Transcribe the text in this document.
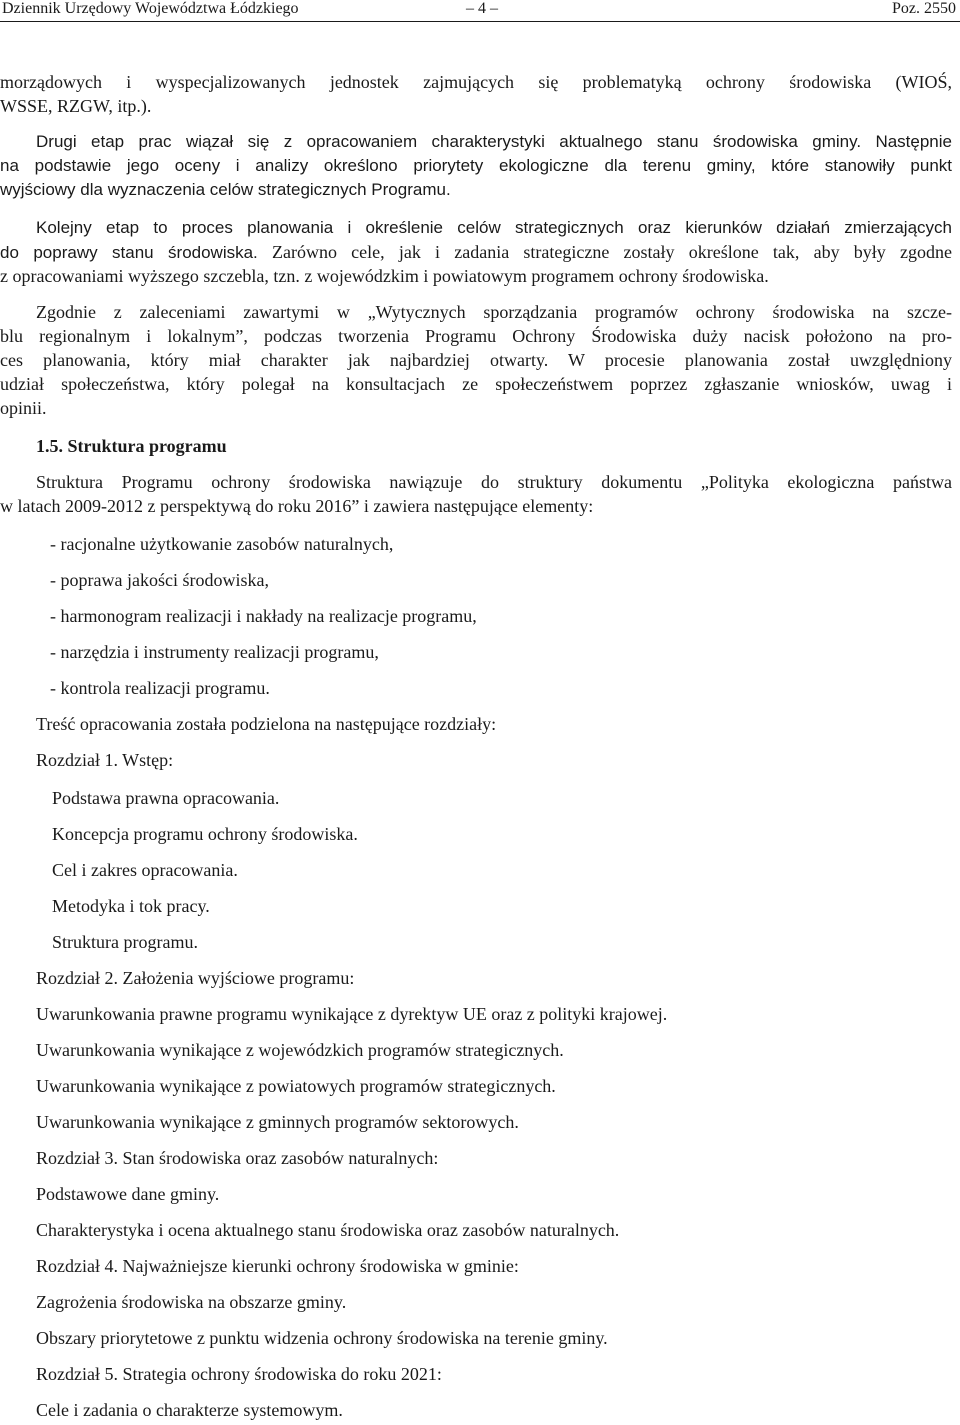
Dziennik Urzędowy Województwa Łódzkiego	– 4 –	Poz. 2550

morządowych i wyspecjalizowanych jednostek zajmujących się problematyką ochrony środowiska (WIOŚ,

WSSE, RZGW, itp.).

Drugi etap prac wiązał się z opracowaniem charakterystyki aktualnego stanu środowiska gminy. Następnie

na podstawie jego oceny i analizy określono priorytety ekologiczne dla terenu gminy, które stanowiły punkt

wyjściowy dla wyznaczenia celów strategicznych Programu.

Kolejny etap to proces planowania i określenie celów strategicznych oraz kierunków działań zmierzających

do poprawy stanu środowiska. Zarówno cele, jak i zadania strategiczne zostały określone tak, aby były zgodne

z opracowaniami wyższego szczebla, tzn. z wojewódzkim i powiatowym programem ochrony środowiska.

Zgodnie z zaleceniami zawartymi w „Wytycznych sporządzania programów ochrony środowiska na szcze-

blu regionalnym i lokalnym”, podczas tworzenia Programu Ochrony Środowiska duży nacisk położono na pro-

ces planowania, który miał charakter jak najbardziej otwarty. W procesie planowania został uwzględniony

udział społeczeństwa, który polegał na konsultacjach ze społeczeństwem poprzez zgłaszanie wniosków, uwag i

opinii.

1.5. Struktura programu

Struktura Programu ochrony środowiska nawiązuje do struktury dokumentu „Polityka ekologiczna państwa

w latach 2009-2012 z perspektywą do roku 2016” i zawiera następujące elementy:

- racjonalne użytkowanie zasobów naturalnych,

- poprawa jakości środowiska,

- harmonogram realizacji i nakłady na realizacje programu,

- narzędzia i instrumenty realizacji programu,

- kontrola realizacji programu.

Treść opracowania została podzielona na następujące rozdziały:

Rozdział 1. Wstęp:

Podstawa prawna opracowania.

Koncepcja programu ochrony środowiska.

Cel i zakres opracowania.

Metodyka i tok pracy.

Struktura programu.

Rozdział 2. Założenia wyjściowe programu:

Uwarunkowania prawne programu wynikające z dyrektyw UE oraz z polityki krajowej.

Uwarunkowania wynikające z wojewódzkich programów strategicznych.

Uwarunkowania wynikające z powiatowych programów strategicznych.

Uwarunkowania wynikające z gminnych programów sektorowych.

Rozdział 3. Stan środowiska oraz zasobów naturalnych:

Podstawowe dane gminy.

Charakterystyka i ocena aktualnego stanu środowiska oraz zasobów naturalnych.

Rozdział 4. Najważniejsze kierunki ochrony środowiska w gminie:

Zagrożenia środowiska na obszarze gminy.

Obszary priorytetowe z punktu widzenia ochrony środowiska na terenie gminy.

Rozdział 5. Strategia ochrony środowiska do roku 2021:

Cele i zadania o charakterze systemowym.
